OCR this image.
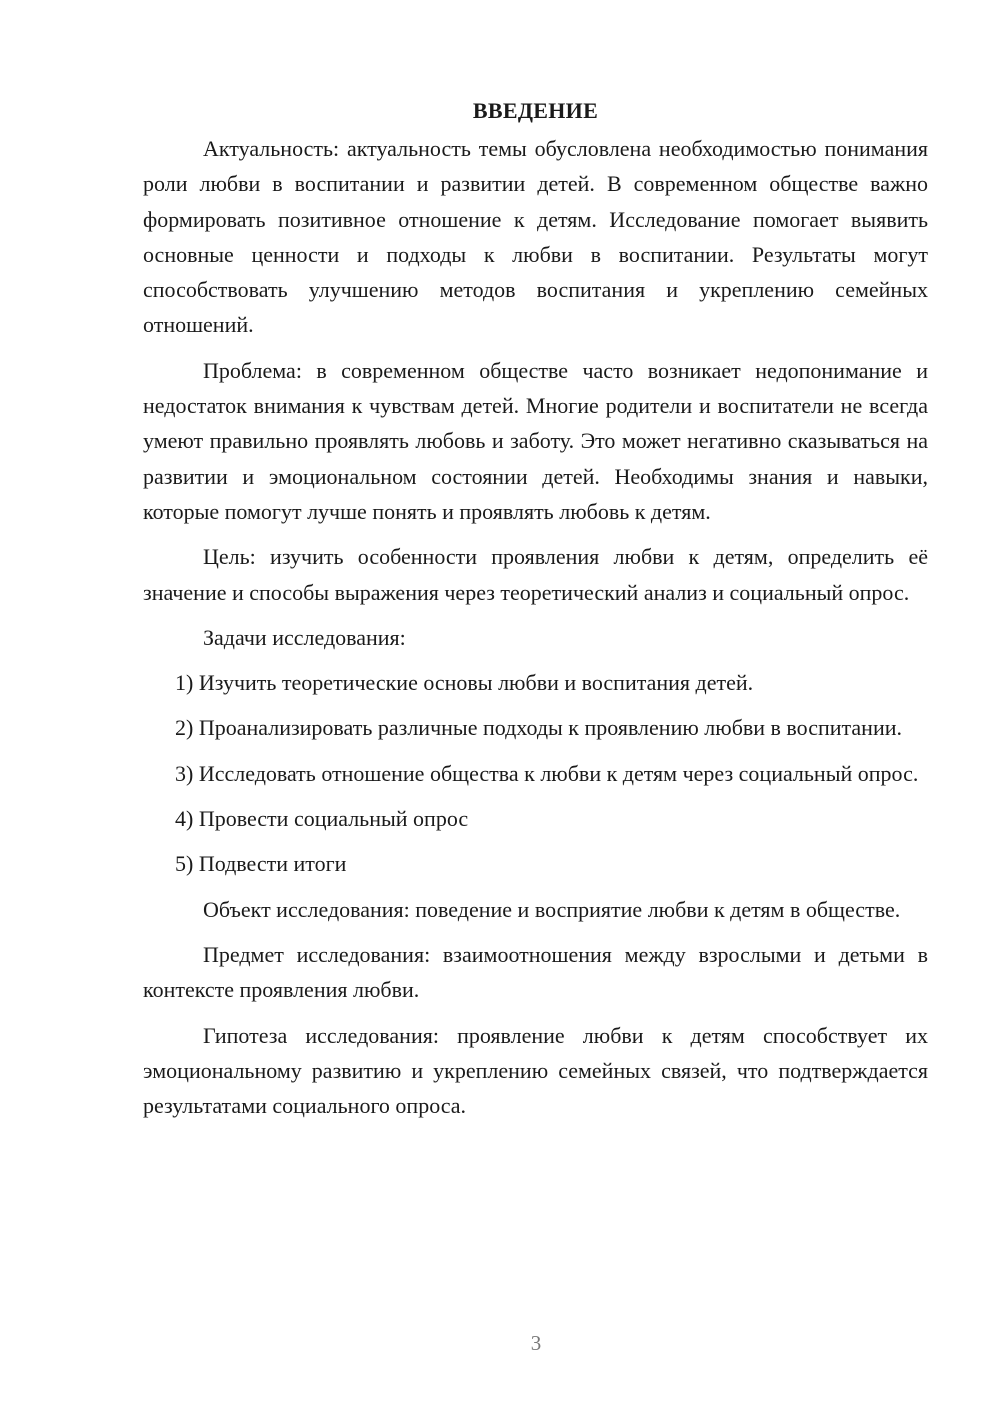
ВВЕДЕНИЕ

Актуальность: актуальность темы обусловлена необходимостью понимания роли любви в воспитании и развитии детей. В современном обществе важно формировать позитивное отношение к детям. Исследование помогает выявить основные ценности и подходы к любви в воспитании. Результаты могут способствовать улучшению методов воспитания и укреплению семейных отношений.

Проблема: в современном обществе часто возникает недопонимание и недостаток внимания к чувствам детей. Многие родители и воспитатели не всегда умеют правильно проявлять любовь и заботу. Это может негативно сказываться на развитии и эмоциональном состоянии детей. Необходимы знания и навыки, которые помогут лучше понять и проявлять любовь к детям.

Цель: изучить особенности проявления любви к детям, определить её значение и способы выражения через теоретический анализ и социальный опрос.

Задачи исследования:

1) Изучить теоретические основы любви и воспитания детей.

2) Проанализировать различные подходы к проявлению любви в воспитании.

3) Исследовать отношение общества к любви к детям через социальный опрос.

4) Провести социальный опрос

5) Подвести итоги

Объект исследования: поведение и восприятие любви к детям в обществе.

Предмет исследования: взаимоотношения между взрослыми и детьми в контексте проявления любви.

Гипотеза исследования: проявление любви к детям способствует их эмоциональному развитию и укреплению семейных связей, что подтверждается результатами социального опроса.

3
